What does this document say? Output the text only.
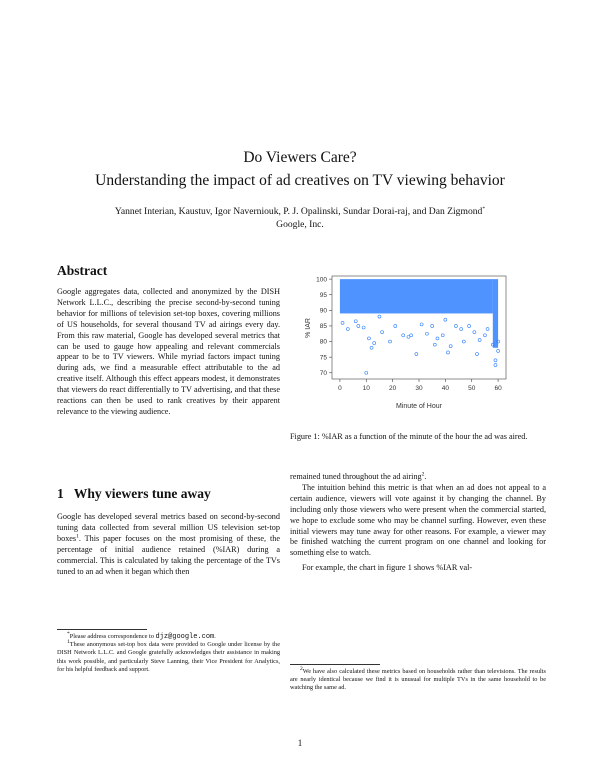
Do Viewers Care?
Understanding the impact of ad creatives on TV viewing behavior
Yannet Interian, Kaustuv, Igor Naverniouk, P. J. Opalinski, Sundar Dorai-raj, and Dan Zigmond*
Google, Inc.
Abstract

Google aggregates data, collected and anonymized by the DISH Network L.L.C., describing the precise second-by-second tuning behavior for millions of television set-top boxes, covering millions of US households, for several thousand TV ad airings every day. From this raw material, Google has developed several metrics that can be used to gauge how appealing and relevant commercials appear to be to TV viewers. While myriad factors impact tuning during ads, we find a measurable effect attributable to the ad creative itself. Although this effect appears modest, it demonstrates that viewers do react differentially to TV advertising, and that these reactions can then be used to rank creatives by their apparent relevance to the viewing audience.

1 Why viewers tune away

Google has developed several metrics based on second-by-second tuning data collected from several million US television set-top boxes$^1$. This paper focuses on the most promising of these, the percentage of initial audience retained (%IAR) during a commercial. This is calculated by taking the percentage of the TVs tuned to an ad when it began which then

*Please address correspondence to djz@google.com.

$^1$These anonymous set-top box data were provided to Google under license by the DISH Network L.L.C. and Google gratefully acknowledges their assistance in making this work possible, and particularly Steve Lanning, their Vice President for Analytics, for his helpful feedback and support.

0	10	20	30	40	50	60
70
75
80
85
90
95
100
Minute of Hour
% IAR
Figure 1: %IAR as a function of the minute of the hour the ad was aired.

remained tuned throughout the ad airing$^2$.

The intuition behind this metric is that when an ad does not appeal to a certain audience, viewers will vote against it by changing the channel. By including only those viewers who were present when the commercial started, we hope to exclude some who may be channel surfing. However, even these initial viewers may tune away for other reasons. For example, a viewer may be finished watching the current program on one channel and looking for something else to watch.

For example, the chart in figure 1 shows %IAR val-

$^2$We have also calculated these metrics based on households rather than televisions. The results are nearly identical because we find it is unusual for multiple TVs in the same household to be watching the same ad.

1
